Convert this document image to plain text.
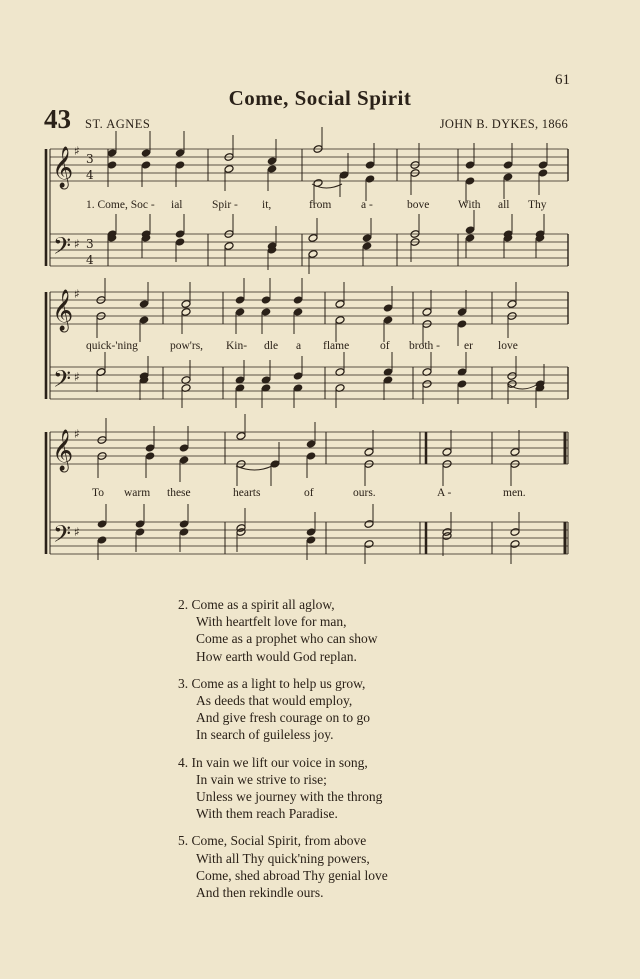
61
Come, Social Spirit
43 ST. AGNES	JOHN B. DYKES, 1866
𝄞
𝄢
♯
♯
3
4
3
4
𝄞
𝄢
♯
♯
𝄞
𝄢
♯
♯
1. Come, Soc - ial	Spir - it,	from	a -	bove With all Thy
quick-'ning	pow'rs, Kin- dle a flame	of broth - er love
To warm these	hearts	of	ours.	A -	men.
2. Come as a spirit all aglow,
With heartfelt love for man,
Come as a prophet who can show
How earth would God replan.
3. Come as a light to help us grow,
As deeds that would employ,
And give fresh courage on to go
In search of guileless joy.
4. In vain we lift our voice in song,
In vain we strive to rise;
Unless we journey with the throng
With them reach Paradise.
5. Come, Social Spirit, from above
With all Thy quick'ning powers,
Come, shed abroad Thy genial love
And then rekindle ours.
